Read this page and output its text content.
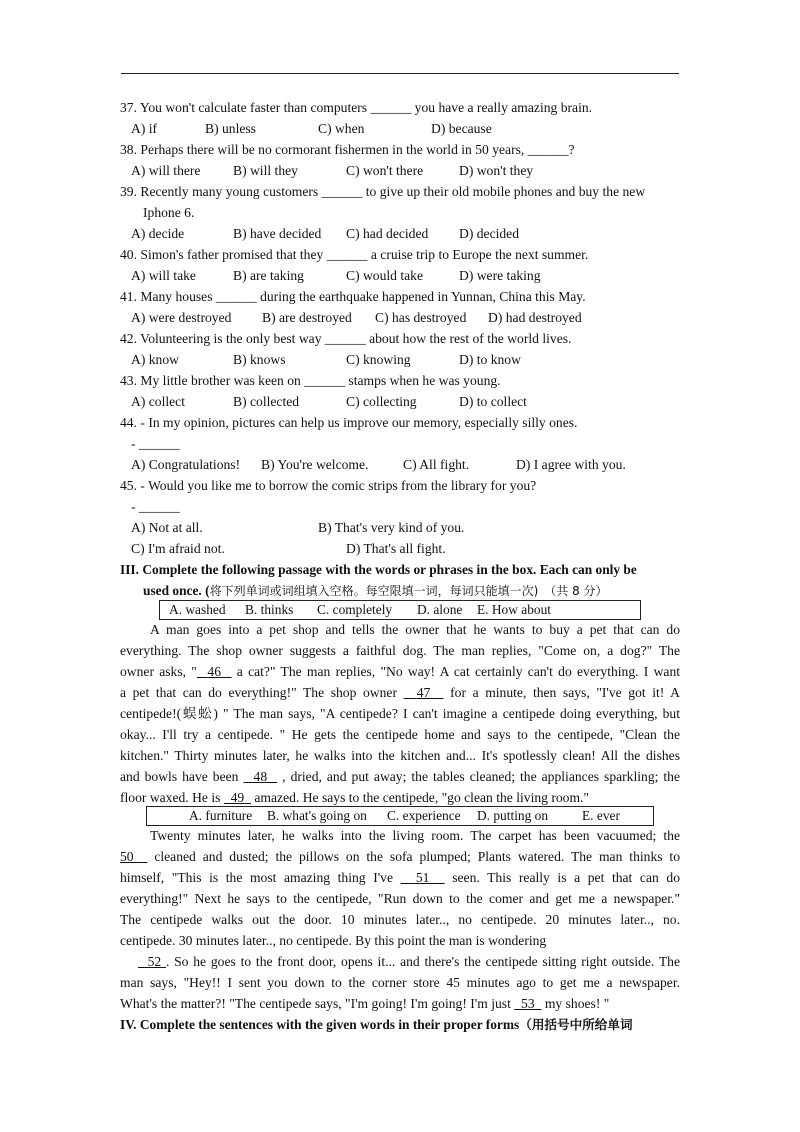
37. You won't calculate faster than computers ______ you have a really amazing brain.
A) if	B) unless	C) when	D) because
38. Perhaps there will be no cormorant fishermen in the world in 50 years, ______?
A) will there B) will they	C) won't there	D) won't they
39. Recently many young customers ______ to give up their old mobile phones and buy the new
Iphone 6.
A) decide	B) have decided C) had decided D) decided
40. Simon's father promised that they ______ a cruise trip to Europe the next summer.
A) will take	B) are taking	C) would take	D) were taking
41. Many houses ______ during the earthquake happened in Yunnan, China this May.
A) were destroyed B) are destroyed C) has destroyed D) had destroyed
42. Volunteering is the only best way ______ about how the rest of the world lives.
A) know	B) knows	C) knowing	D) to know
43. My little brother was keen on ______ stamps when he was young.
A) collect	B) collected	C) collecting	D) to collect
44. - In my opinion, pictures can help us improve our memory, especially silly ones.
- ______
A) Congratulations! B) You're welcome.	C) All fight.	D) I agree with you.
45. - Would you like me to borrow the comic strips from the library for you?
- ______
A) Not at all.	B) That's very kind of you.
C) I'm afraid not.	D) That's all fight.
III. Complete the following passage with the words or phrases in the box. Each can only be
used once. (将下列单词或词组填入空格。每空限填一词，每词只能填一次) （共 8 分）
A. washed B. thinks C. completely D. alone E. How about
A man goes into a pet shop and tells the owner that he wants to buy a pet that can do
everything. The shop owner suggests a faithful dog. The man replies, "Come on, a dog?" The
owner asks, " 46   a cat?" The man replies, "No way! A cat certainly can't do everything. I want
a pet that can do everything!" The shop owner   47   for a minute, then says, "I've got it! A
centipede!(蜈蚣) " The man says, "A centipede? I can't imagine a centipede doing everything, but
okay... I'll try a centipede. " He gets the centipede home and says to the centipede, "Clean the
kitchen." Thirty minutes later, he walks into the kitchen and... It's spotlessly clean! All the dishes
and bowls have been   48   , dried, and put away; the tables cleaned; the appliances sparkling; the
floor waxed. He is   49   amazed. He says to the centipede, "go clean the living room."
A. furniture B. what's going on C. experience D. putting on	E. ever
Twenty minutes later, he walks into the living room. The carpet has been vacuumed; the
50   cleaned and dusted; the pillows on the sofa plumped; Plants watered. The man thinks to
himself, "This is the most amazing thing I've   51   seen. This really is a pet that can do
everything!" Next he says to the centipede, "Run down to the comer and get me a newspaper."
The centipede walks out the door. 10 minutes later.., no centipede. 20 minutes later.., no.
centipede. 30 minutes later.., no centipede. By this point the man is wondering
52 . So he goes to the front door, opens it... and there's the centipede sitting right outside. The
man says, "Hey!! I sent you down to the corner store 45 minutes ago to get me a newspaper.
What's the matter?! "The centipede says, "I'm going! I'm going! I'm just   53   my shoes! "
IV. Complete the sentences with the given words in their proper forms（用括号中所给单词
